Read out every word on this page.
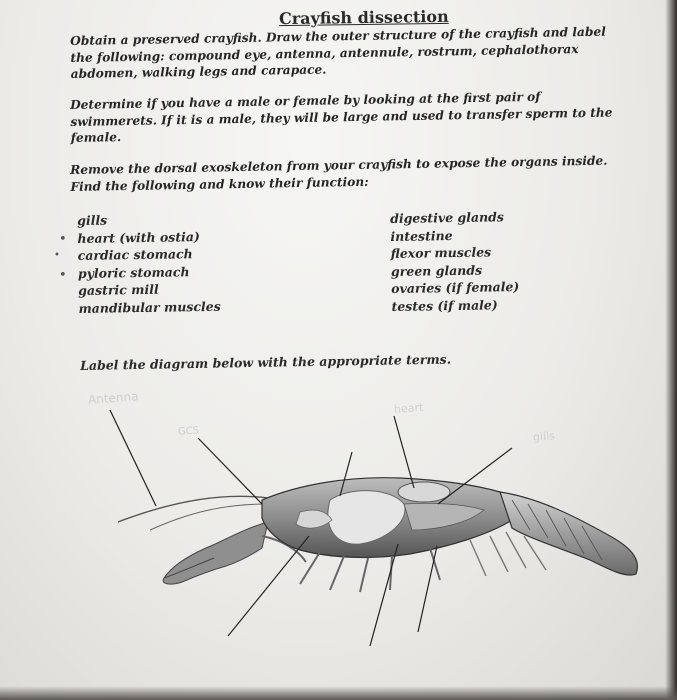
Crayfish dissection
Obtain a preserved crayfish. Draw the outer structure of the crayfish and label the following: compound eye, antenna, antennule, rostrum, cephalothorax abdomen, walking legs and carapace.
Determine if you have a male or female by looking at the first pair of swimmerets. If it is a male, they will be large and used to transfer sperm to the female.
Remove the dorsal exoskeleton from your crayfish to expose the organs inside. Find the following and know their function:
•
•
•
gills
heart (with ostia)
cardiac stomach
pyloric stomach
gastric mill
mandibular muscles
digestive glands
intestine
flexor muscles
green glands
ovaries (if female)
testes (if male)
Label the diagram below with the appropriate terms.
Antenna
heart
gills
GCS
